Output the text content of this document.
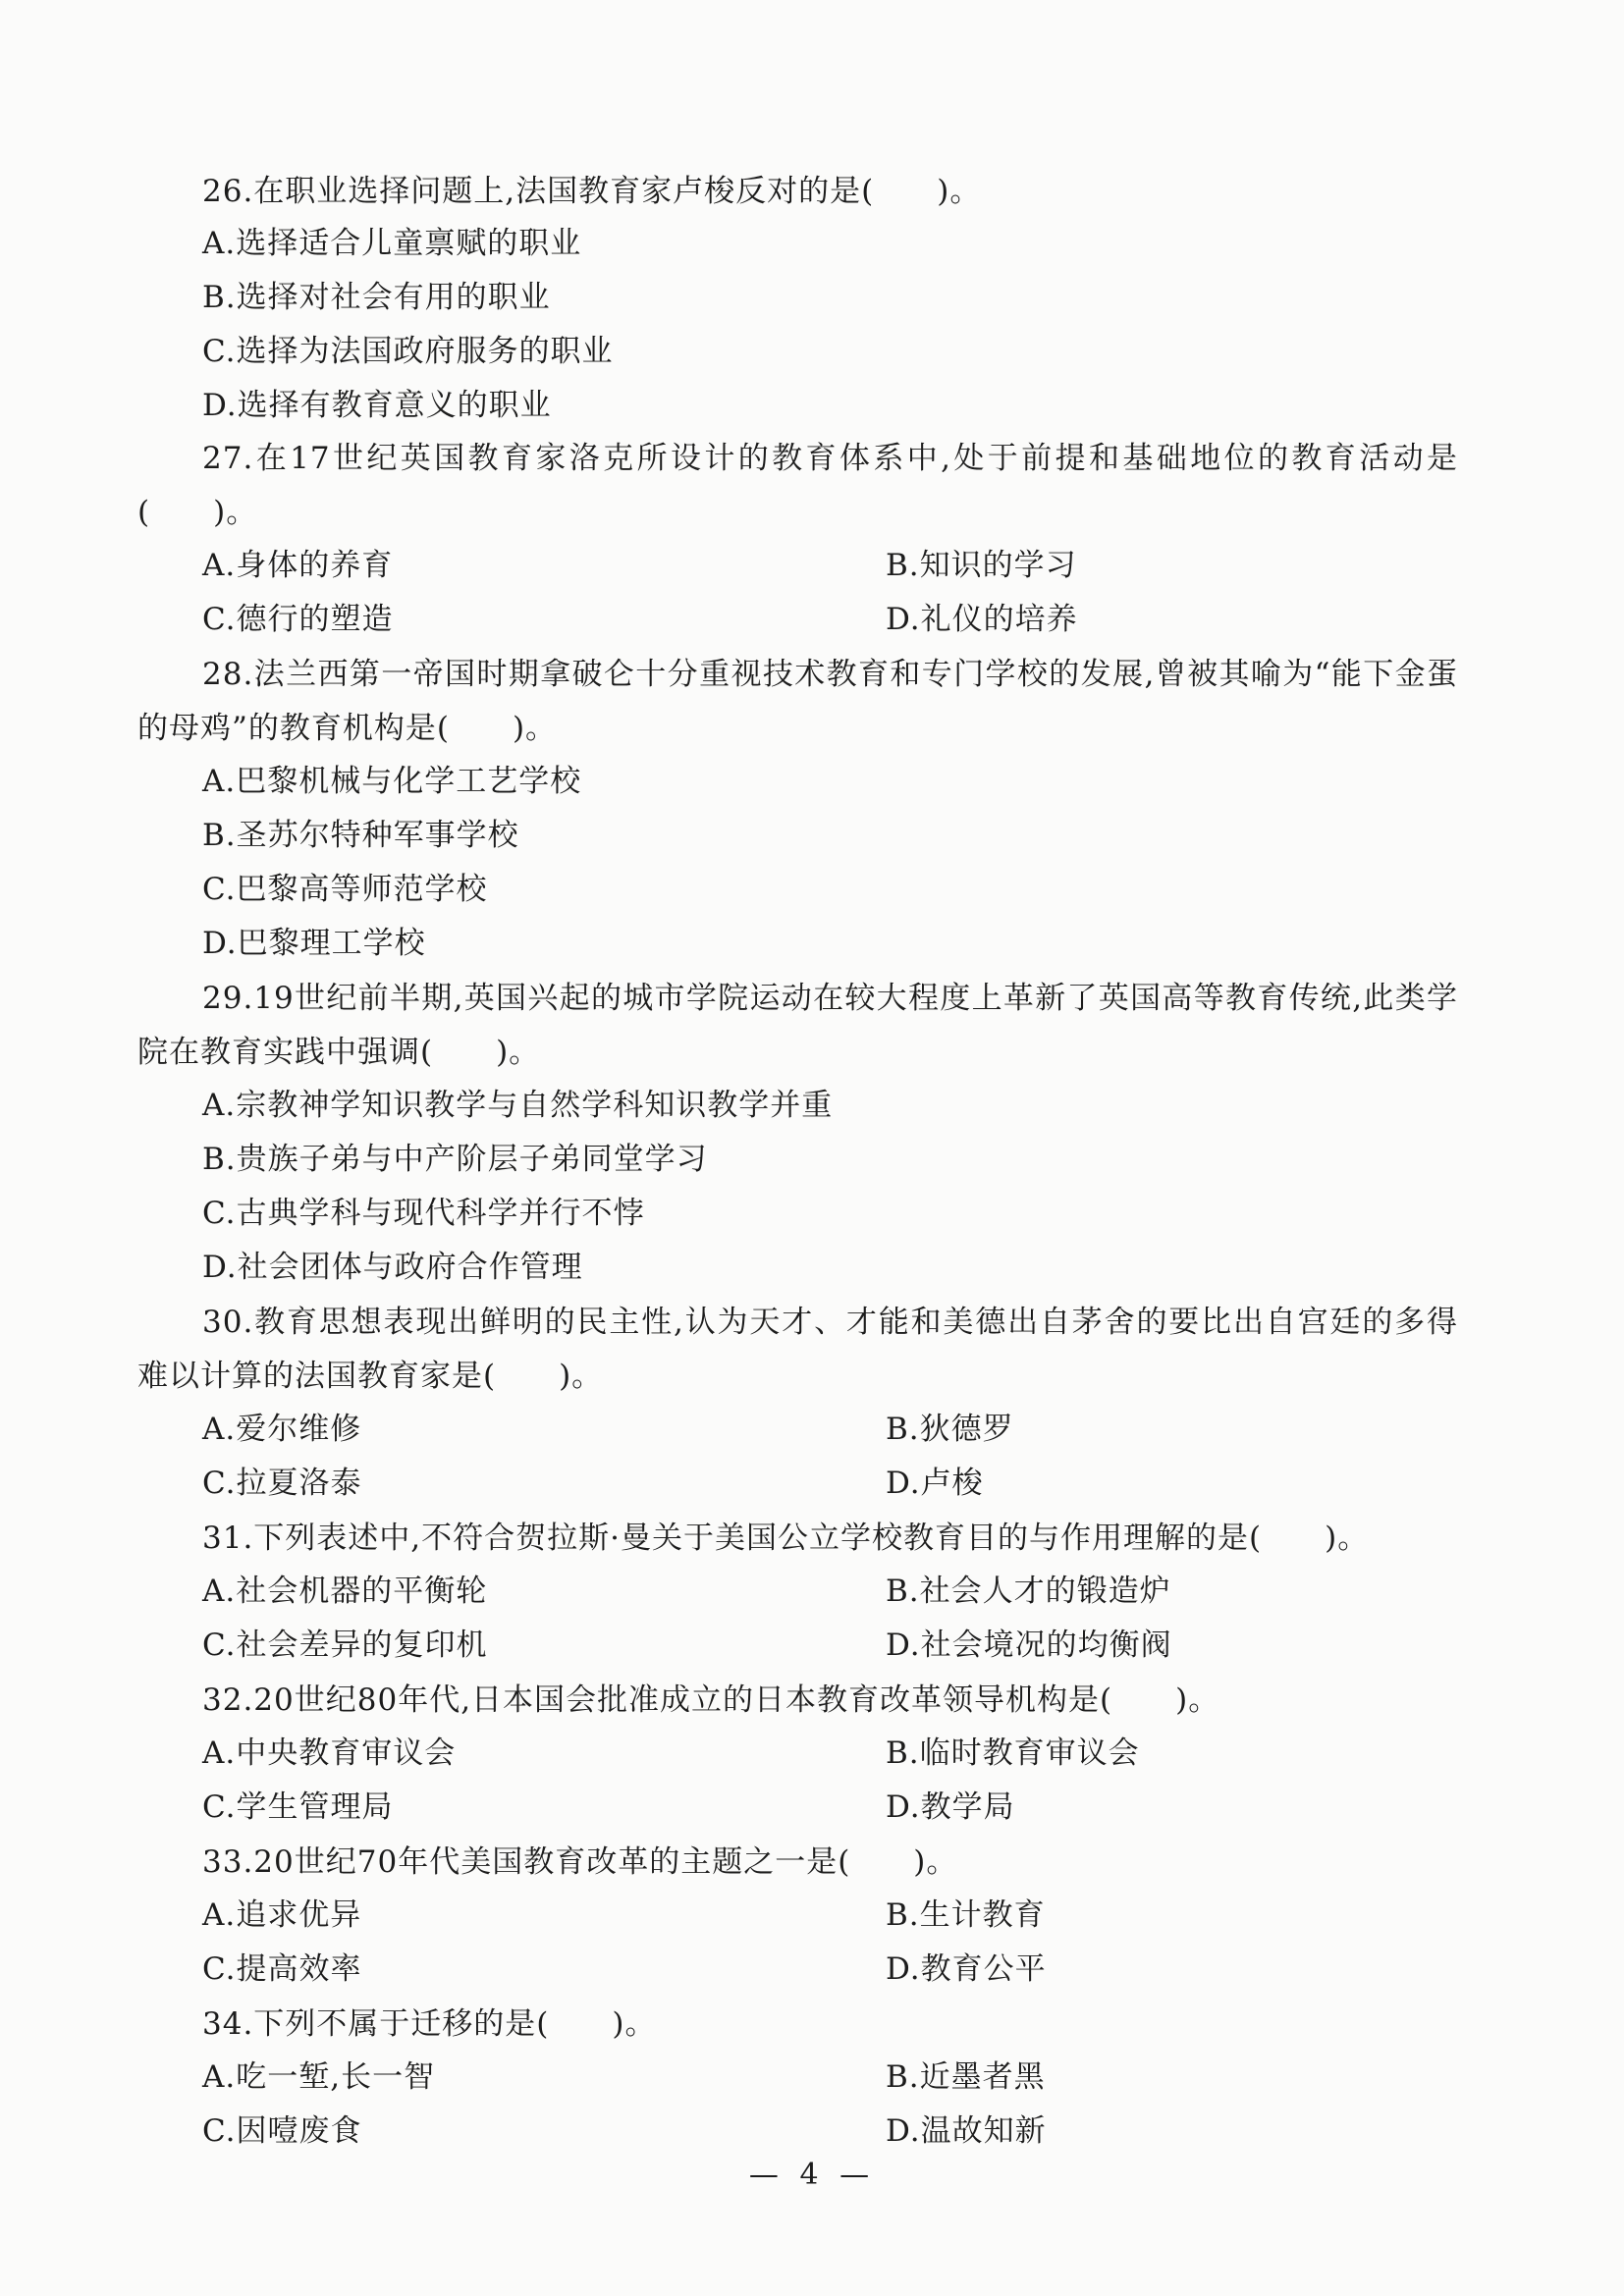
26.在职业选择问题上,法国教育家卢梭反对的是(　　)。

A.选择适合儿童禀赋的职业

B.选择对社会有用的职业

C.选择为法国政府服务的职业

D.选择有教育意义的职业

27.在17世纪英国教育家洛克所设计的教育体系中,处于前提和基础地位的教育活动是(　　)。

A.身体的养育	B.知识的学习

C.德行的塑造	D.礼仪的培养

28.法兰西第一帝国时期拿破仑十分重视技术教育和专门学校的发展,曾被其喻为“能下金蛋的母鸡”的教育机构是(　　)。

A.巴黎机械与化学工艺学校

B.圣苏尔特种军事学校

C.巴黎高等师范学校

D.巴黎理工学校

29.19世纪前半期,英国兴起的城市学院运动在较大程度上革新了英国高等教育传统,此类学院在教育实践中强调(　　)。

A.宗教神学知识教学与自然学科知识教学并重

B.贵族子弟与中产阶层子弟同堂学习

C.古典学科与现代科学并行不悖

D.社会团体与政府合作管理

30.教育思想表现出鲜明的民主性,认为天才、才能和美德出自茅舍的要比出自宫廷的多得难以计算的法国教育家是(　　)。

A.爱尔维修	B.狄德罗

C.拉夏洛泰	D.卢梭

31.下列表述中,不符合贺拉斯·曼关于美国公立学校教育目的与作用理解的是(　　)。

A.社会机器的平衡轮	B.社会人才的锻造炉

C.社会差异的复印机	D.社会境况的均衡阀

32.20世纪80年代,日本国会批准成立的日本教育改革领导机构是(　　)。

A.中央教育审议会	B.临时教育审议会

C.学生管理局	D.教学局

33.20世纪70年代美国教育改革的主题之一是(　　)。

A.追求优异	B.生计教育

C.提高效率	D.教育公平

34.下列不属于迁移的是(　　)。

A.吃一堑,长一智	B.近墨者黑

C.因噎废食	D.温故知新

— 4 —
